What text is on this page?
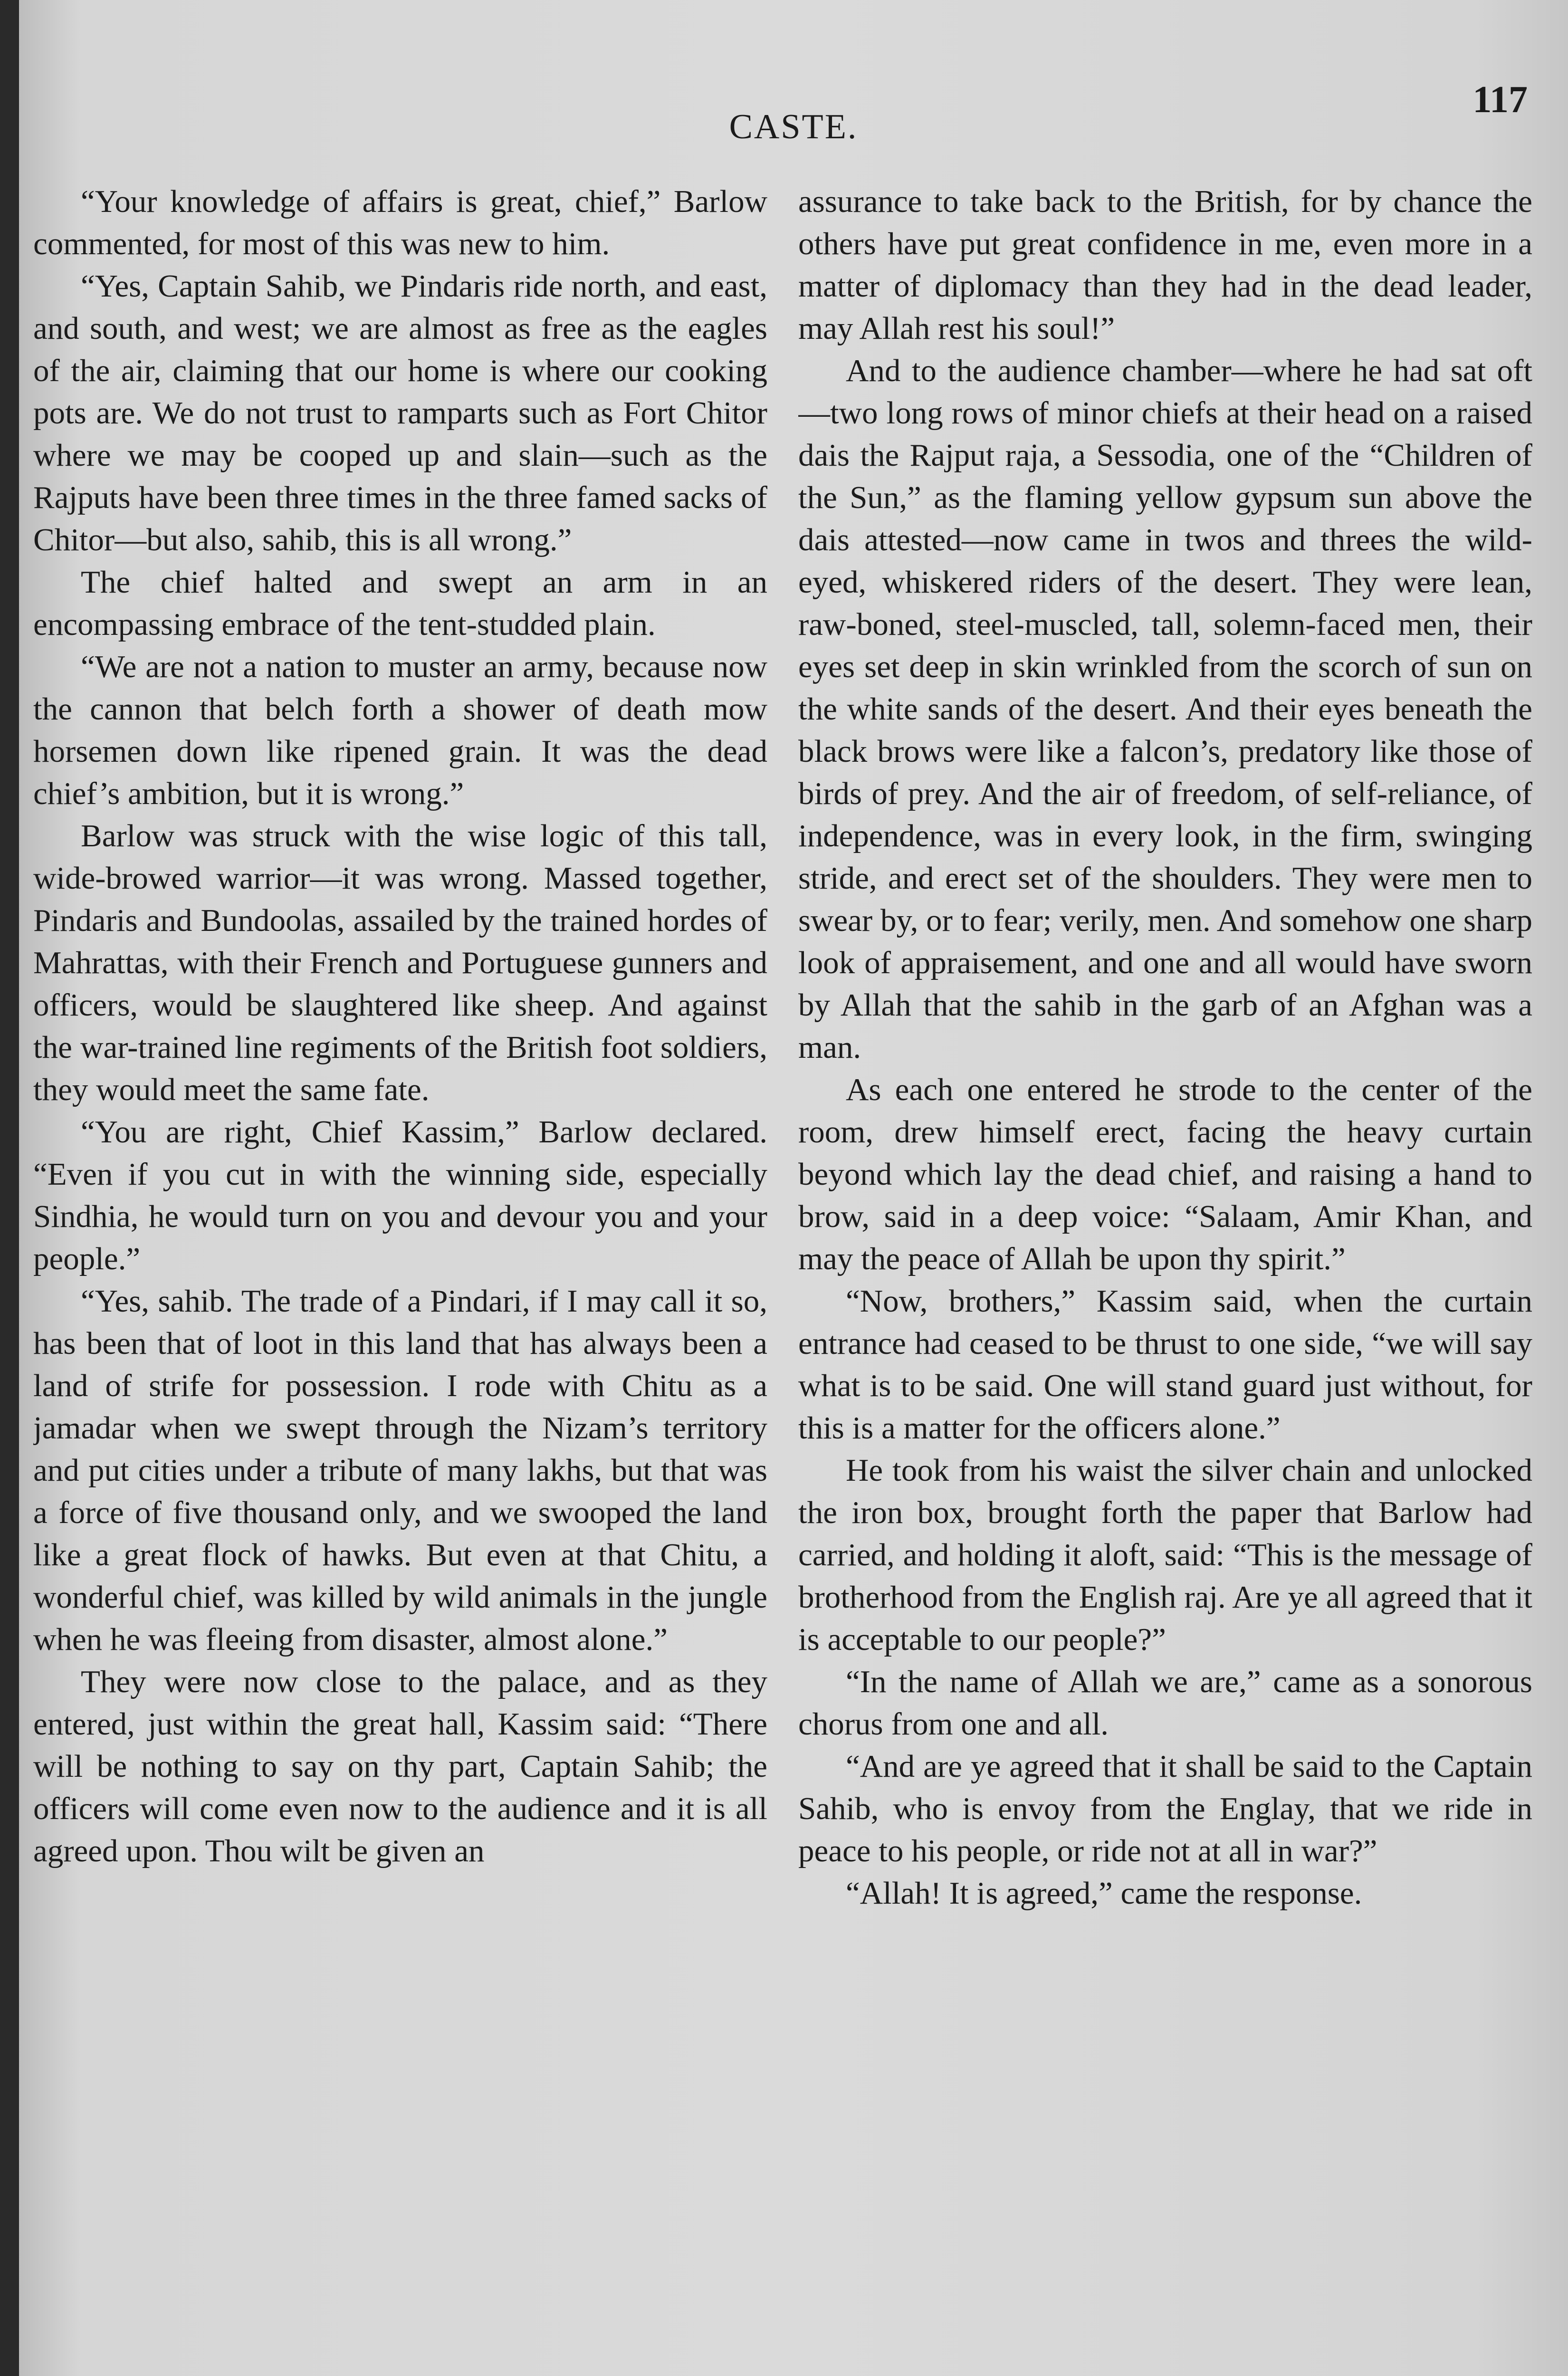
CASTE.
117

“Your knowledge of affairs is great, chief,” Barlow commented, for most of this was new to him.

“Yes, Captain Sahib, we Pindaris ride north, and east, and south, and west; we are almost as free as the eagles of the air, claiming that our home is where our cooking pots are. We do not trust to ramparts such as Fort Chitor where we may be cooped up and slain—such as the Rajputs have been three times in the three famed sacks of Chitor—but also, sahib, this is all wrong.”

The chief halted and swept an arm in an encompassing embrace of the tent-studded plain.

“We are not a nation to muster an army, because now the cannon that belch forth a shower of death mow horsemen down like ripened grain. It was the dead chief’s ambition, but it is wrong.”

Barlow was struck with the wise logic of this tall, wide-browed warrior—it was wrong. Massed together, Pindaris and Bundoolas, assailed by the trained hordes of Mahrattas, with their French and Portuguese gunners and officers, would be slaughtered like sheep. And against the war-trained line regiments of the British foot soldiers, they would meet the same fate.

“You are right, Chief Kassim,” Barlow declared. “Even if you cut in with the winning side, especially Sindhia, he would turn on you and devour you and your people.”

“Yes, sahib. The trade of a Pindari, if I may call it so, has been that of loot in this land that has always been a land of strife for possession. I rode with Chitu as a jamadar when we swept through the Nizam’s territory and put cities under a tribute of many lakhs, but that was a force of five thousand only, and we swooped the land like a great flock of hawks. But even at that Chitu, a wonderful chief, was killed by wild animals in the jungle when he was fleeing from disaster, almost alone.”

They were now close to the palace, and as they entered, just within the great hall, Kassim said: “There will be nothing to say on thy part, Captain Sahib; the officers will come even now to the audience and it is all agreed upon. Thou wilt be given an

assurance to take back to the British, for by chance the others have put great confidence in me, even more in a matter of diplomacy than they had in the dead leader, may Allah rest his soul!”

And to the audience chamber—where he had sat oft—two long rows of minor chiefs at their head on a raised dais the Rajput raja, a Sessodia, one of the “Children of the Sun,” as the flaming yellow gypsum sun above the dais attested—now came in twos and threes the wild-eyed, whiskered riders of the desert. They were lean, raw-boned, steel-muscled, tall, solemn-faced men, their eyes set deep in skin wrinkled from the scorch of sun on the white sands of the desert. And their eyes beneath the black brows were like a falcon’s, predatory like those of birds of prey. And the air of freedom, of self-reliance, of independence, was in every look, in the firm, swinging stride, and erect set of the shoulders. They were men to swear by, or to fear; verily, men. And somehow one sharp look of appraisement, and one and all would have sworn by Allah that the sahib in the garb of an Afghan was a man.

As each one entered he strode to the center of the room, drew himself erect, facing the heavy curtain beyond which lay the dead chief, and raising a hand to brow, said in a deep voice: “Salaam, Amir Khan, and may the peace of Allah be upon thy spirit.”

“Now, brothers,” Kassim said, when the curtain entrance had ceased to be thrust to one side, “we will say what is to be said. One will stand guard just without, for this is a matter for the officers alone.”

He took from his waist the silver chain and unlocked the iron box, brought forth the paper that Barlow had carried, and holding it aloft, said: “This is the message of brotherhood from the English raj. Are ye all agreed that it is acceptable to our people?”

“In the name of Allah we are,” came as a sonorous chorus from one and all.

“And are ye agreed that it shall be said to the Captain Sahib, who is envoy from the Englay, that we ride in peace to his people, or ride not at all in war?”

“Allah! It is agreed,” came the response.
